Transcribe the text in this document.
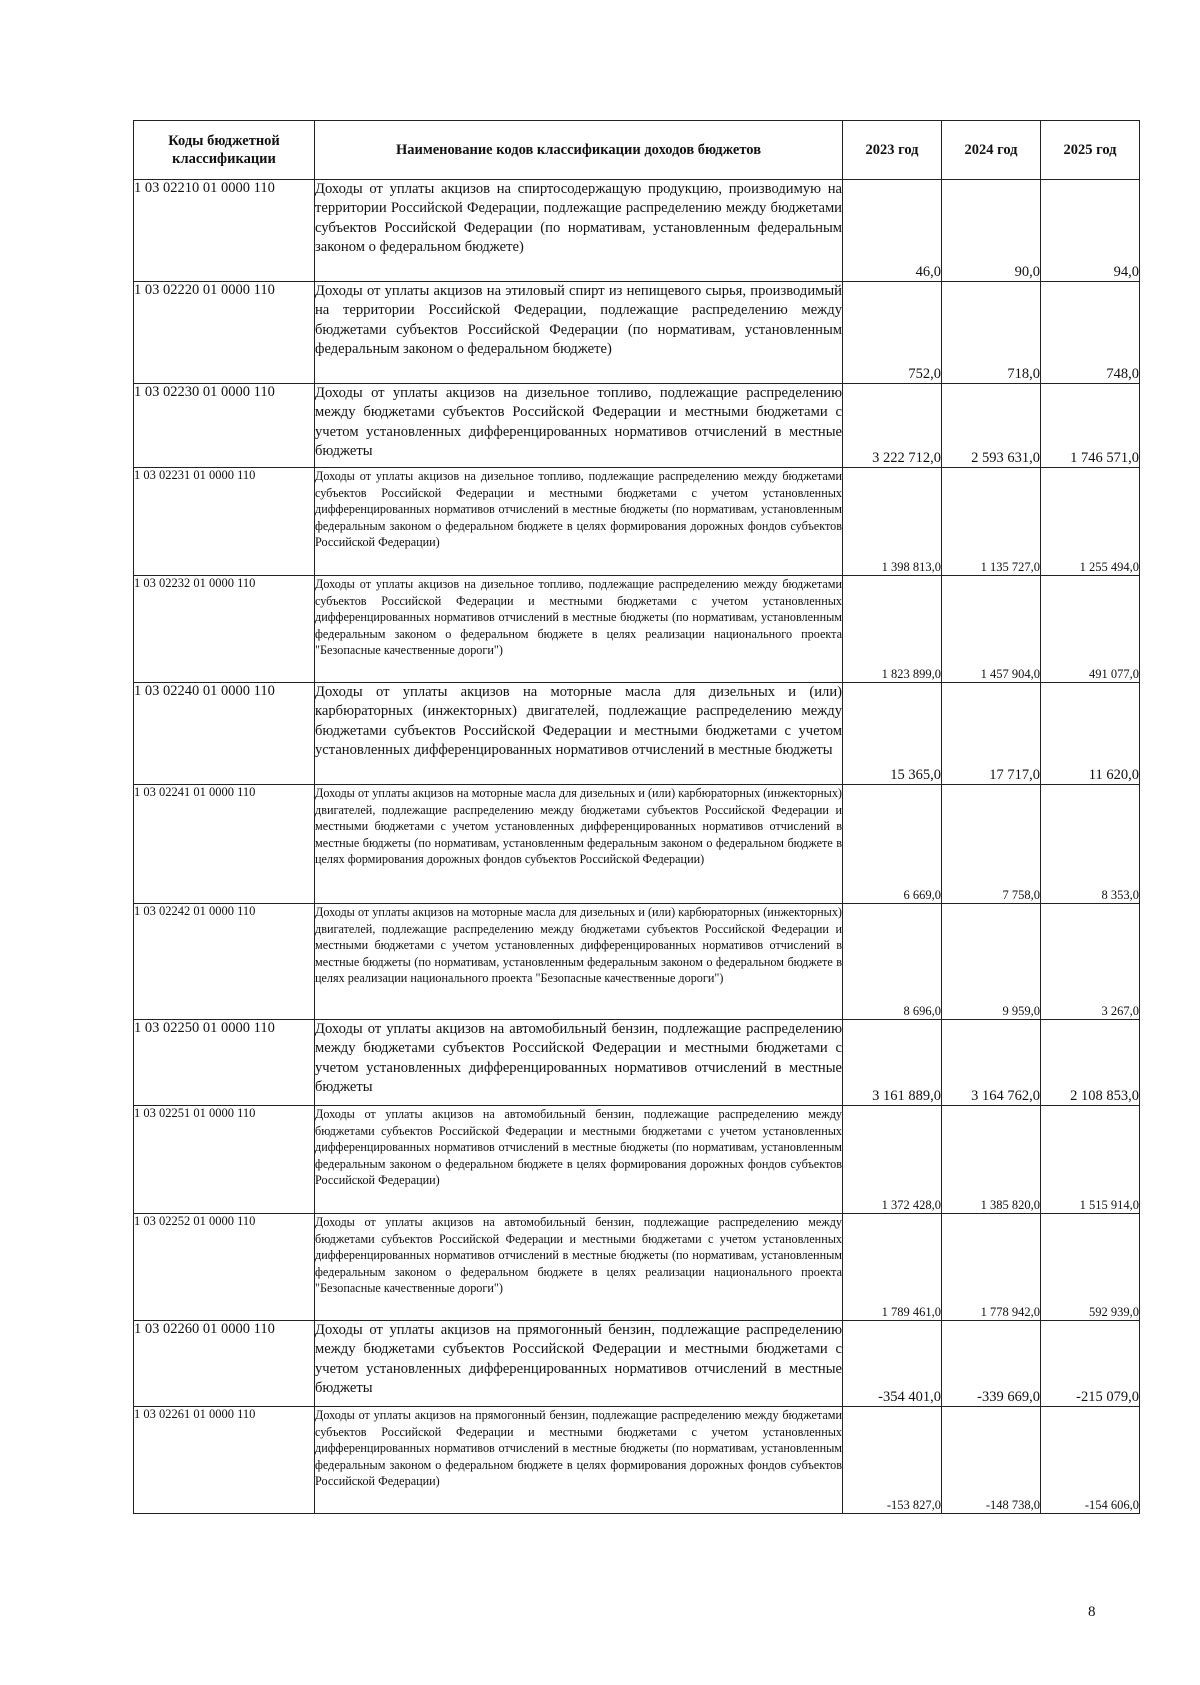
Коды бюджетной классификации	Наименование кодов классификации доходов бюджетов	2023 год	2024 год	2025 год
1 03 02210 01 0000 110	Доходы от уплаты акцизов на спиртосодержащую продукцию, производимую на территории Российской Федерации, подлежащие распределению между бюджетами субъектов Российской Федерации (по нормативам, установленным федеральным законом о федеральном бюджете)	46,0	90,0	94,0
1 03 02220 01 0000 110	Доходы от уплаты акцизов на этиловый спирт из непищевого сырья, производимый на территории Российской Федерации, подлежащие распределению между бюджетами субъектов Российской Федерации (по нормативам, установленным федеральным законом о федеральном бюджете)	752,0	718,0	748,0
1 03 02230 01 0000 110	Доходы от уплаты акцизов на дизельное топливо, подлежащие распределению между бюджетами субъектов Российской Федерации и местными бюджетами с учетом установленных дифференцированных нормативов отчислений в местные бюджеты	3 222 712,0	2 593 631,0	1 746 571,0
1 03 02231 01 0000 110	Доходы от уплаты акцизов на дизельное топливо, подлежащие распределению между бюджетами субъектов Российской Федерации и местными бюджетами с учетом установленных дифференцированных нормативов отчислений в местные бюджеты (по нормативам, установленным федеральным законом о федеральном бюджете в целях формирования дорожных фондов субъектов Российской Федерации)	1 398 813,0	1 135 727,0	1 255 494,0
1 03 02232 01 0000 110	Доходы от уплаты акцизов на дизельное топливо, подлежащие распределению между бюджетами субъектов Российской Федерации и местными бюджетами с учетом установленных дифференцированных нормативов отчислений в местные бюджеты (по нормативам, установленным федеральным законом о федеральном бюджете в целях реализации национального проекта "Безопасные качественные дороги")	1 823 899,0	1 457 904,0	491 077,0
1 03 02240 01 0000 110	Доходы от уплаты акцизов на моторные масла для дизельных и (или) карбюраторных (инжекторных) двигателей, подлежащие распределению между бюджетами субъектов Российской Федерации и местными бюджетами с учетом установленных дифференцированных нормативов отчислений в местные бюджеты	15 365,0	17 717,0	11 620,0
1 03 02241 01 0000 110	Доходы от уплаты акцизов на моторные масла для дизельных и (или) карбюраторных (инжекторных) двигателей, подлежащие распределению между бюджетами субъектов Российской Федерации и местными бюджетами с учетом установленных дифференцированных нормативов отчислений в местные бюджеты (по нормативам, установленным федеральным законом о федеральном бюджете в целях формирования дорожных фондов субъектов Российской Федерации)	6 669,0	7 758,0	8 353,0
1 03 02242 01 0000 110	Доходы от уплаты акцизов на моторные масла для дизельных и (или) карбюраторных (инжекторных) двигателей, подлежащие распределению между бюджетами субъектов Российской Федерации и местными бюджетами с учетом установленных дифференцированных нормативов отчислений в местные бюджеты (по нормативам, установленным федеральным законом о федеральном бюджете в целях реализации национального проекта "Безопасные качественные дороги")	8 696,0	9 959,0	3 267,0
1 03 02250 01 0000 110	Доходы от уплаты акцизов на автомобильный бензин, подлежащие распределению между бюджетами субъектов Российской Федерации и местными бюджетами с учетом установленных дифференцированных нормативов отчислений в местные бюджеты	3 161 889,0	3 164 762,0	2 108 853,0
1 03 02251 01 0000 110	Доходы от уплаты акцизов на автомобильный бензин, подлежащие распределению между бюджетами субъектов Российской Федерации и местными бюджетами с учетом установленных дифференцированных нормативов отчислений в местные бюджеты (по нормативам, установленным федеральным законом о федеральном бюджете в целях формирования дорожных фондов субъектов Российской Федерации)	1 372 428,0	1 385 820,0	1 515 914,0
1 03 02252 01 0000 110	Доходы от уплаты акцизов на автомобильный бензин, подлежащие распределению между бюджетами субъектов Российской Федерации и местными бюджетами с учетом установленных дифференцированных нормативов отчислений в местные бюджеты (по нормативам, установленным федеральным законом о федеральном бюджете в целях реализации национального проекта "Безопасные качественные дороги")	1 789 461,0	1 778 942,0	592 939,0
1 03 02260 01 0000 110	Доходы от уплаты акцизов на прямогонный бензин, подлежащие распределению между бюджетами субъектов Российской Федерации и местными бюджетами с учетом установленных дифференцированных нормативов отчислений в местные бюджеты	-354 401,0	-339 669,0	-215 079,0
1 03 02261 01 0000 110	Доходы от уплаты акцизов на прямогонный бензин, подлежащие распределению между бюджетами субъектов Российской Федерации и местными бюджетами с учетом установленных дифференцированных нормативов отчислений в местные бюджеты (по нормативам, установленным федеральным законом о федеральном бюджете в целях формирования дорожных фондов субъектов Российской Федерации)	-153 827,0	-148 738,0	-154 606,0
8
